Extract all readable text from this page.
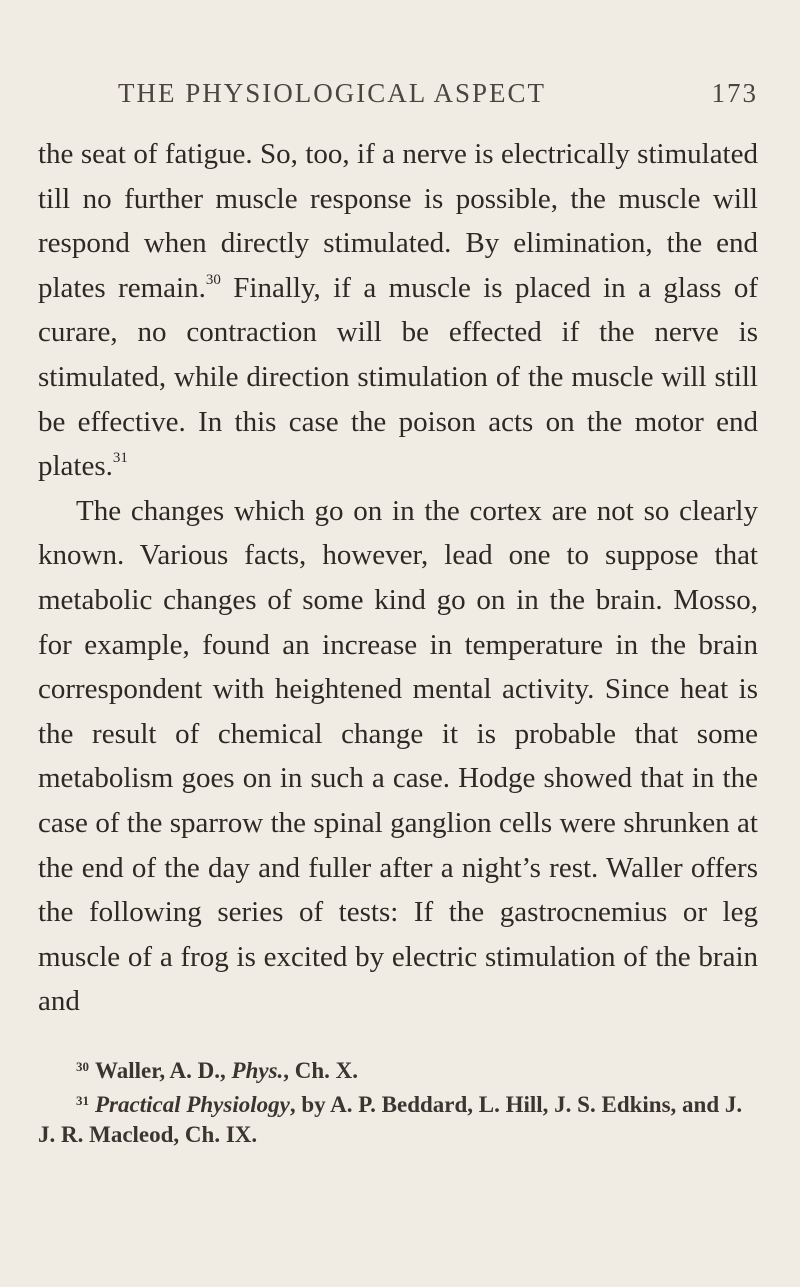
THE PHYSIOLOGICAL ASPECT	173

the seat of fatigue. So, too, if a nerve is electrically stimulated till no further muscle response is possible, the muscle will respond when directly stimulated. By elimination, the end plates remain.$^{30}$ Finally, if a muscle is placed in a glass of curare, no contraction will be effected if the nerve is stimulated, while direction stimulation of the muscle will still be effective. In this case the poison acts on the motor end plates.$^{31}$

The changes which go on in the cortex are not so clearly known. Various facts, however, lead one to suppose that metabolic changes of some kind go on in the brain. Mosso, for example, found an increase in temperature in the brain correspondent with heightened mental activity. Since heat is the result of chemical change it is probable that some metabolism goes on in such a case. Hodge showed that in the case of the sparrow the spinal ganglion cells were shrunken at the end of the day and fuller after a night’s rest. Waller offers the following series of tests: If the gastrocnemius or leg muscle of a frog is excited by electric stimulation of the brain and

$^{30}$ Waller, A. D., Phys., Ch. X.

$^{31}$ Practical Physiology, by A. P. Beddard, L. Hill, J. S. Edkins, and J. J. R. Macleod, Ch. IX.
